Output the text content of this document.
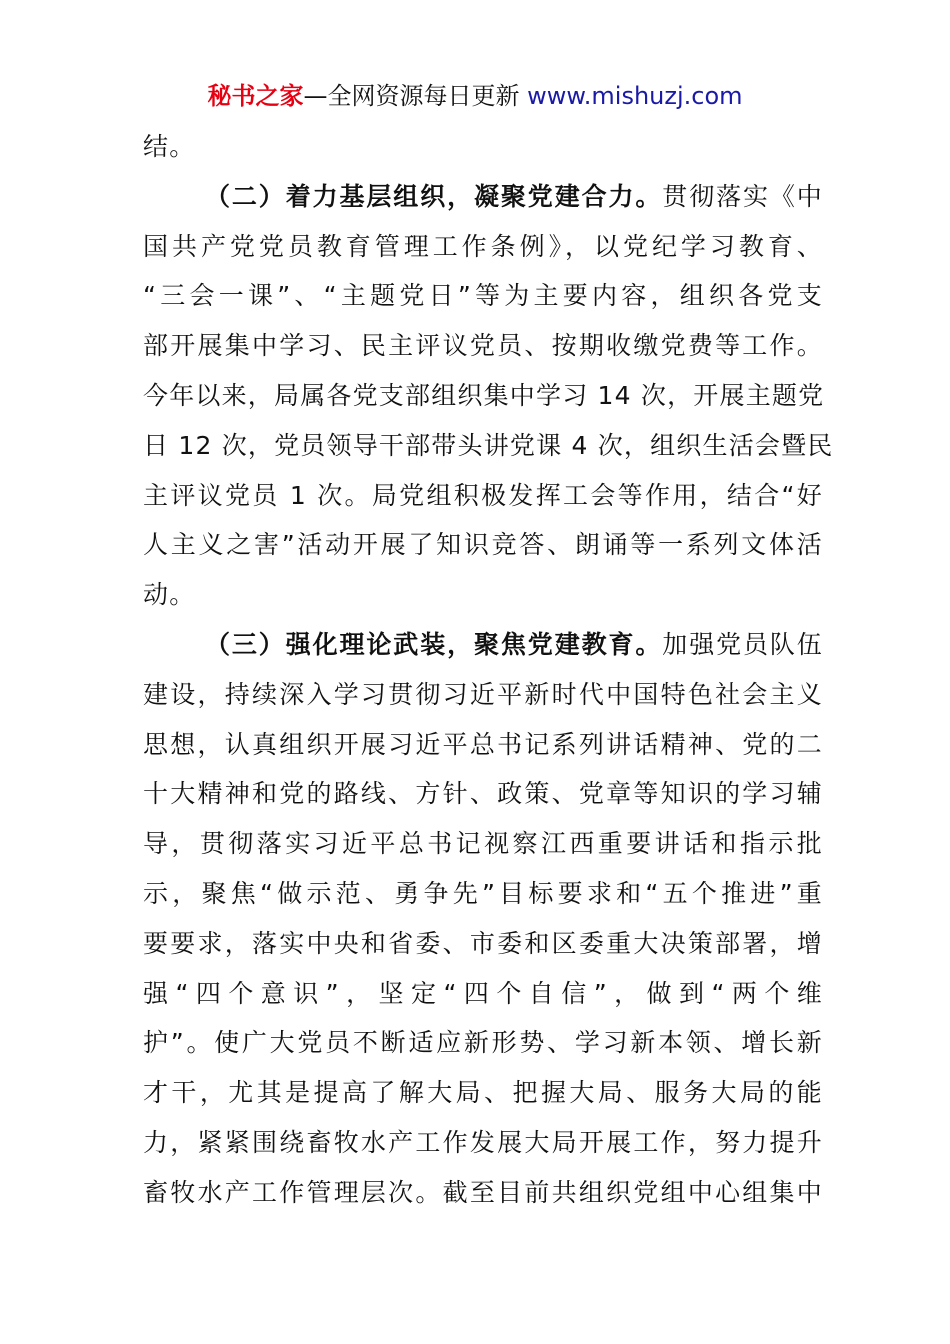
秘书之家—全网资源每日更新 www.mishuzj.com
结。
（二）着力基层组织，凝聚党建合力。贯彻落实《中
国共产党党员教育管理工作条例》，以党纪学习教育、
“三会一课”、“主题党日”等为主要内容，组织各党支
部开展集中学习、民主评议党员、按期收缴党费等工作。
今年以来，局属各党支部组织集中学习 14 次，开展主题党
日 12 次，党员领导干部带头讲党课 4 次，组织生活会暨民
主评议党员 1 次。局党组积极发挥工会等作用，结合“好
人主义之害”活动开展了知识竞答、朗诵等一系列文体活
动。
（三）强化理论武装，聚焦党建教育。加强党员队伍
建设，持续深入学习贯彻习近平新时代中国特色社会主义
思想，认真组织开展习近平总书记系列讲话精神、党的二
十大精神和党的路线、方针、政策、党章等知识的学习辅
导，贯彻落实习近平总书记视察江西重要讲话和指示批
示，聚焦“做示范、勇争先”目标要求和“五个推进”重
要要求，落实中央和省委、市委和区委重大决策部署，增
强“四个意识”，坚定“四个自信”，做到“两个维
护”。使广大党员不断适应新形势、学习新本领、增长新
才干，尤其是提高了解大局、把握大局、服务大局的能
力，紧紧围绕畜牧水产工作发展大局开展工作，努力提升
畜牧水产工作管理层次。截至目前共组织党组中心组集中
